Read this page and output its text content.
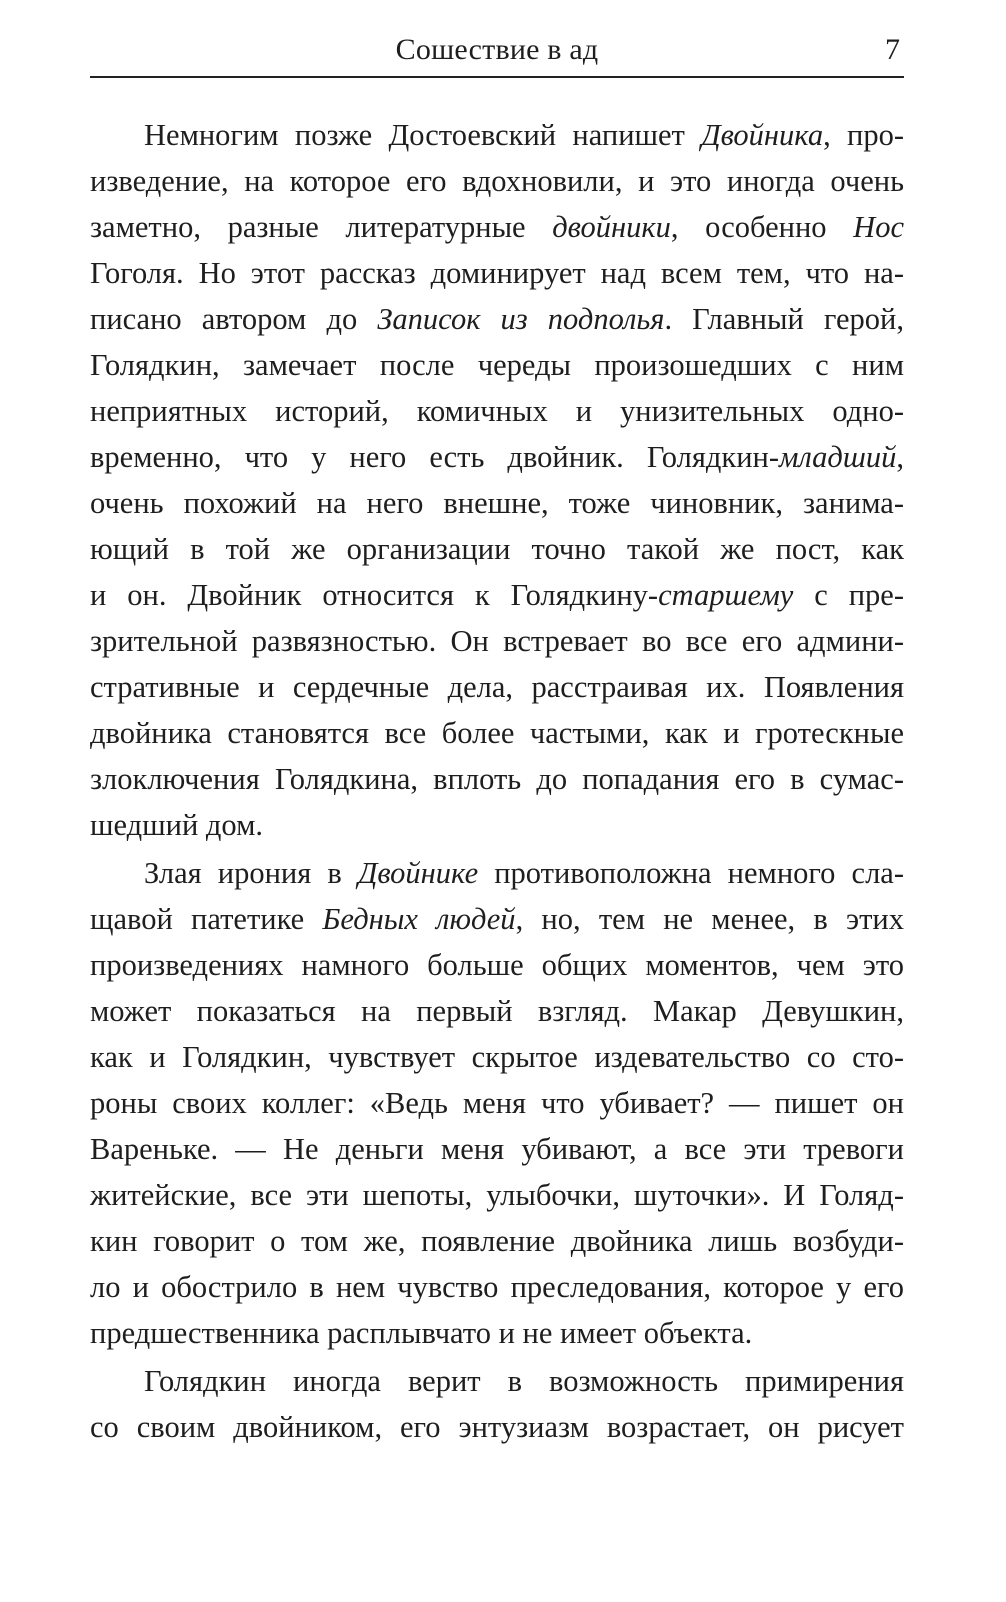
Сошествие в ад	7
Немногим позже Достоевский напишет Двойника, про-
изведение, на которое его вдохновили, и это иногда очень
заметно, разные литературные двойники, особенно Нос
Гоголя. Но этот рассказ доминирует над всем тем, что на-
писано автором до Записок из подполья. Главный герой,
Голядкин, замечает после череды произошедших с ним
неприятных историй, комичных и унизительных одно-
временно, что у него есть двойник. Голядкин-младший,
очень похожий на него внешне, тоже чиновник, занима-
ющий в той же организации точно такой же пост, как
и он. Двойник относится к Голядкину-старшему с пре-
зрительной развязностью. Он встревает во все его админи-
стративные и сердечные дела, расстраивая их. Появления
двойника становятся все более частыми, как и гротескные
злоключения Голядкина, вплоть до попадания его в сумас-
шедший дом.
Злая ирония в Двойнике противоположна немного сла-
щавой патетике Бедных людей, но, тем не менее, в этих
произведениях намного больше общих моментов, чем это
может показаться на первый взгляд. Макар Девушкин,
как и Голядкин, чувствует скрытое издевательство со сто-
роны своих коллег: «Ведь меня что убивает? — пишет он
Вареньке. — Не деньги меня убивают, а все эти тревоги
житейские, все эти шепоты, улыбочки, шуточки». И Голяд-
кин говорит о том же, появление двойника лишь возбуди-
ло и обострило в нем чувство преследования, которое у его
предшественника расплывчато и не имеет объекта.
Голядкин иногда верит в возможность примирения
со своим двойником, его энтузиазм возрастает, он рисует
